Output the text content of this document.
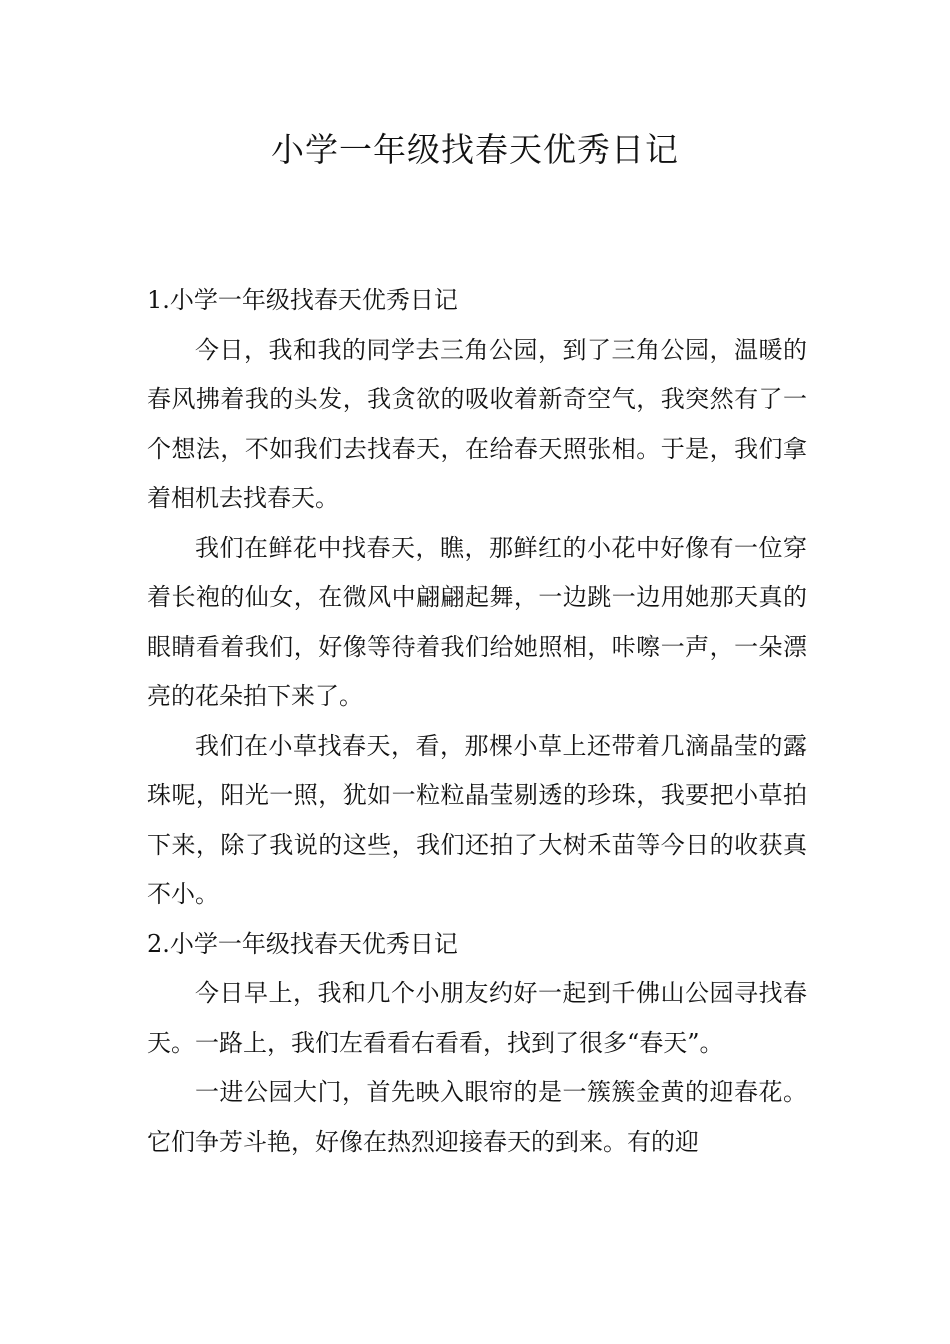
小学一年级找春天优秀日记

1.小学一年级找春天优秀日记

今日，我和我的同学去三角公园，到了三角公园，温暖的春风拂着我的头发，我贪欲的吸收着新奇空气，我突然有了一个想法，不如我们去找春天，在给春天照张相。于是，我们拿着相机去找春天。

我们在鲜花中找春天，瞧，那鲜红的小花中好像有一位穿着长袍的仙女，在微风中翩翩起舞，一边跳一边用她那天真的眼睛看着我们，好像等待着我们给她照相，咔嚓一声，一朵漂亮的花朵拍下来了。

我们在小草找春天，看，那棵小草上还带着几滴晶莹的露珠呢，阳光一照，犹如一粒粒晶莹剔透的珍珠，我要把小草拍下来，除了我说的这些，我们还拍了大树禾苗等今日的收获真不小。

2.小学一年级找春天优秀日记

今日早上，我和几个小朋友约好一起到千佛山公园寻找春天。一路上，我们左看看右看看，找到了很多“春天”。

一进公园大门，首先映入眼帘的是一簇簇金黄的迎春花。它们争芳斗艳，好像在热烈迎接春天的到来。有的迎
